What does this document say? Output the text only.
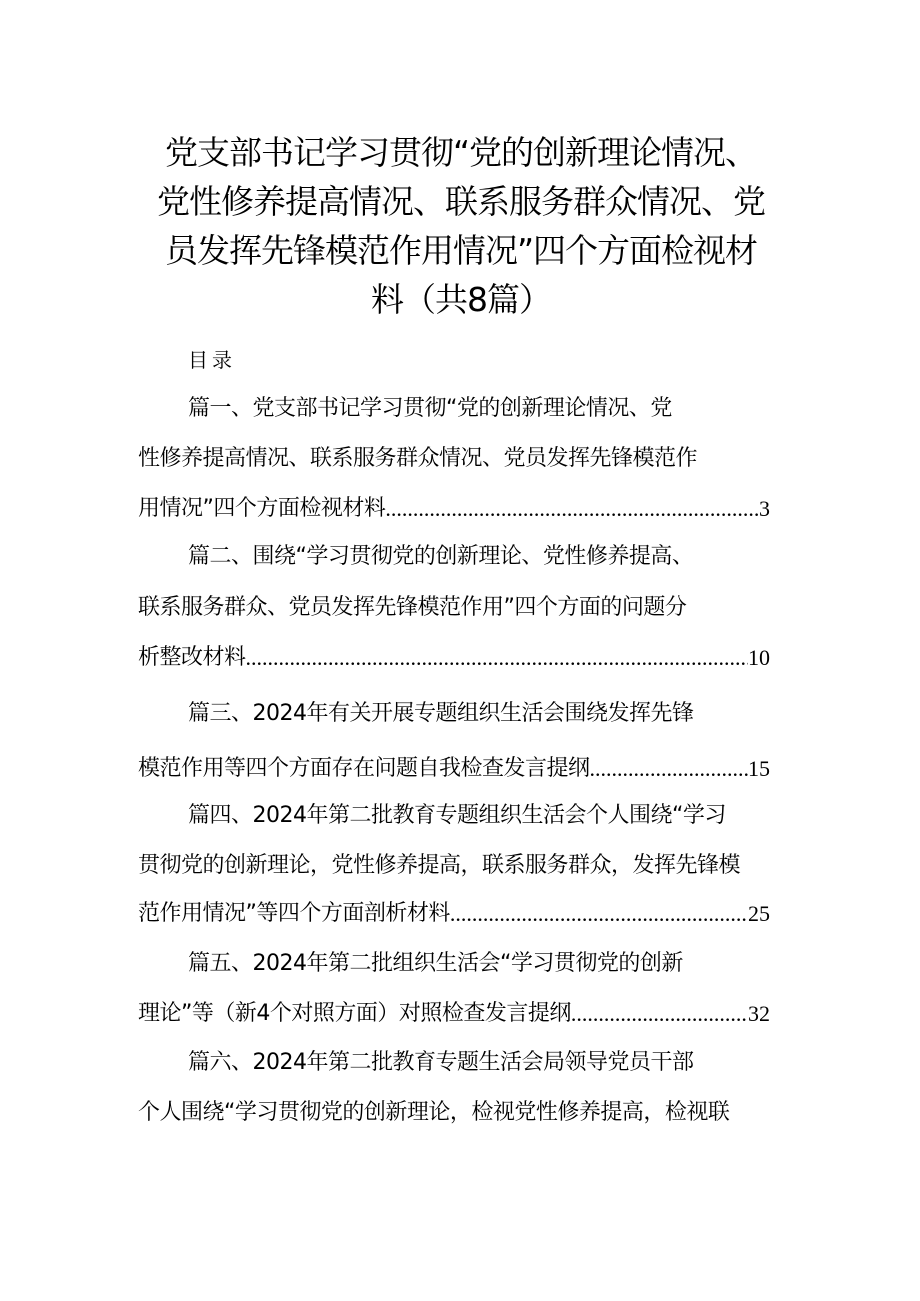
党支部书记学习贯彻“党的创新理论情况、
党性修养提高情况、联系服务群众情况、党
员发挥先锋模范作用情况”四个方面检视材
料（共8篇）
目录
篇一、党支部书记学习贯彻“党的创新理论情况、党
性修养提高情况、联系服务群众情况、党员发挥先锋模范作
用情况”四个方面检视材料 .....	3
篇二、围绕“学习贯彻党的创新理论、党性修养提高、
联系服务群众、党员发挥先锋模范作用”四个方面的问题分
析整改材料 .....	10
篇三、2024年有关开展专题组织生活会围绕发挥先锋
模范作用等四个方面存在问题自我检查发言提纲 .....	15
篇四、2024年第二批教育专题组织生活会个人围绕“学习
贯彻党的创新理论，党性修养提高，联系服务群众，发挥先锋模
范作用情况”等四个方面剖析材料 .....	25
篇五、2024年第二批组织生活会“学习贯彻党的创新
理论”等（新4个对照方面）对照检查发言提纲 .....	32
篇六、2024年第二批教育专题生活会局领导党员干部
个人围绕“学习贯彻党的创新理论，检视党性修养提高，检视联
